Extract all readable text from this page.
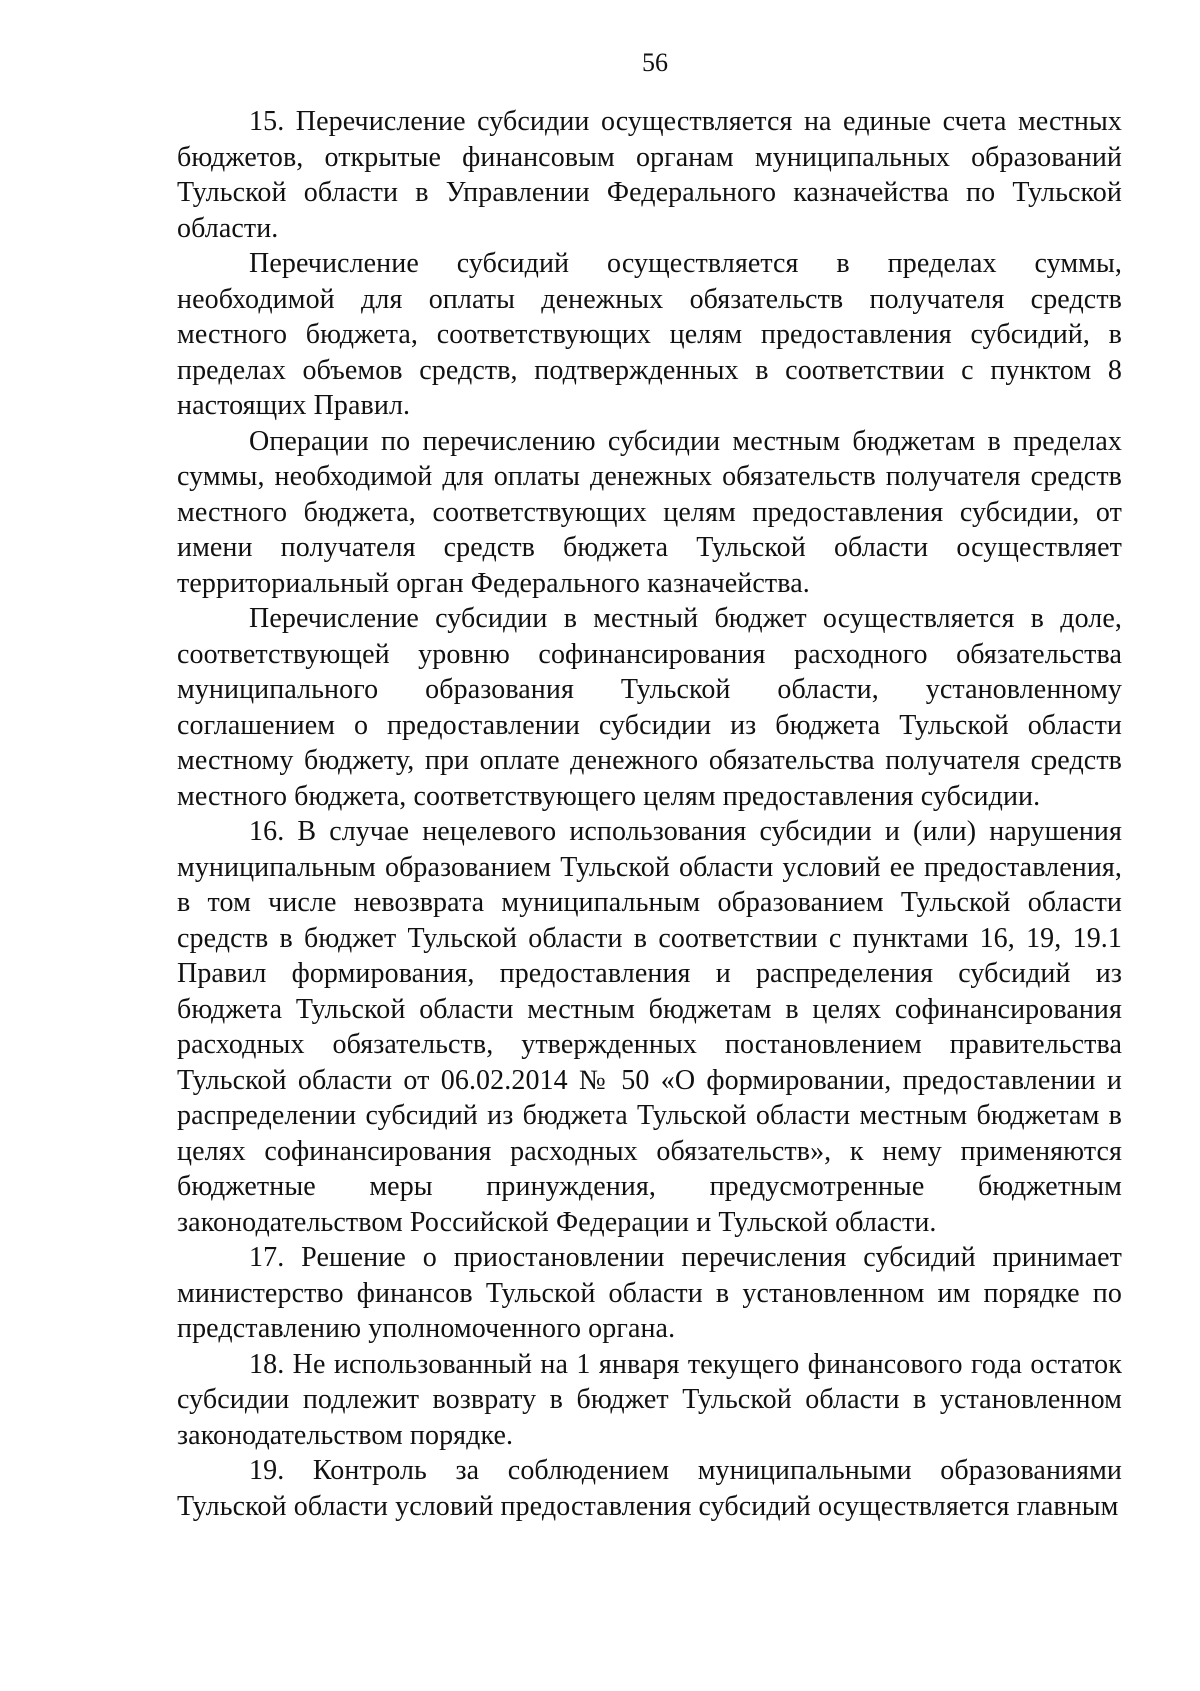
56

15. Перечисление субсидии осуществляется на единые счета местных бюджетов, открытые финансовым органам муниципальных образований Тульской области в Управлении Федерального казначейства по Тульской области.

Перечисление субсидий осуществляется в пределах суммы, необходимой для оплаты денежных обязательств получателя средств местного бюджета, соответствующих целям предоставления субсидий, в пределах объемов средств, подтвержденных в соответствии с пунктом 8 настоящих Правил.

Операции по перечислению субсидии местным бюджетам в пределах суммы, необходимой для оплаты денежных обязательств получателя средств местного бюджета, соответствующих целям предоставления субсидии, от имени получателя средств бюджета Тульской области осуществляет территориальный орган Федерального казначейства.

Перечисление субсидии в местный бюджет осуществляется в доле, соответствующей уровню софинансирования расходного обязательства муниципального образования Тульской области, установленному соглашением о предоставлении субсидии из бюджета Тульской области местному бюджету, при оплате денежного обязательства получателя средств местного бюджета, соответствующего целям предоставления субсидии.

16. В случае нецелевого использования субсидии и (или) нарушения муниципальным образованием Тульской области условий ее предоставления, в том числе невозврата муниципальным образованием Тульской области средств в бюджет Тульской области в соответствии с пунктами 16, 19, 19.1 Правил формирования, предоставления и распределения субсидий из бюджета Тульской области местным бюджетам в целях софинансирования расходных обязательств, утвержденных постановлением правительства Тульской области от 06.02.2014 № 50 «О формировании, предоставлении и распределении субсидий из бюджета Тульской области местным бюджетам в целях софинансирования расходных обязательств», к нему применяются бюджетные меры принуждения, предусмотренные бюджетным законодательством Российской Федерации и Тульской области.

17. Решение о приостановлении перечисления субсидий принимает министерство финансов Тульской области в установленном им порядке по представлению уполномоченного органа.

18. Не использованный на 1 января текущего финансового года остаток субсидии подлежит возврату в бюджет Тульской области в установленном законодательством порядке.

19. Контроль за соблюдением муниципальными образованиями Тульской области условий предоставления субсидий осуществляется главным
